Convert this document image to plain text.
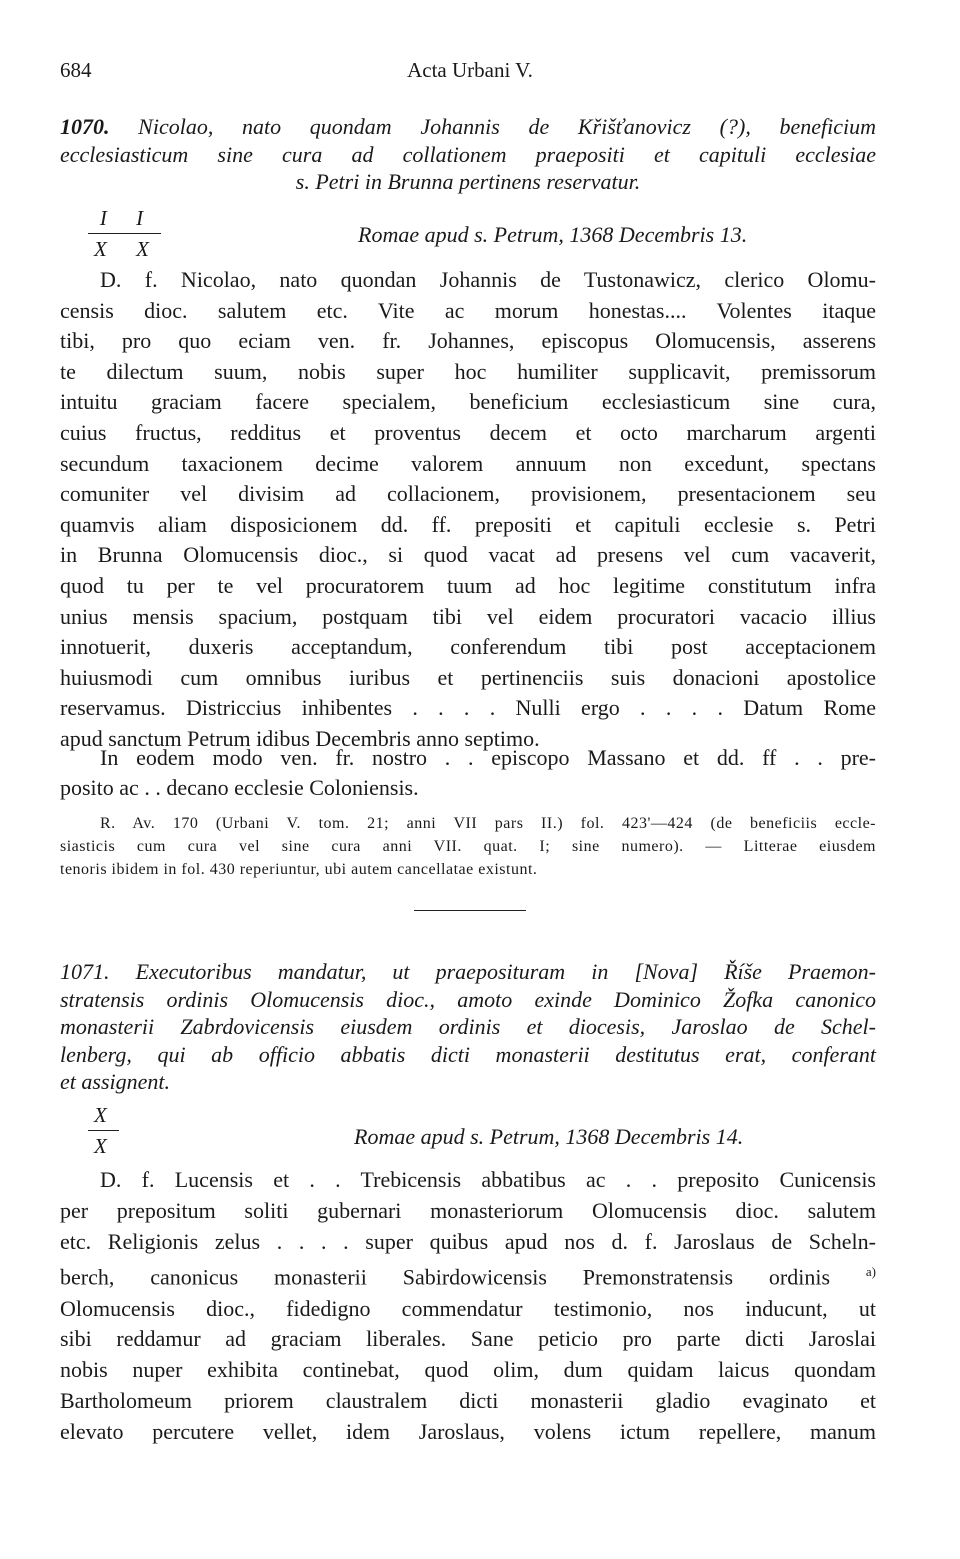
684	Acta Urbani V.
1070. Nicolao, nato quondam Johannis de Křišťanovicz (?), beneficium
ecclesiasticum sine cura ad collationem praepositi et capituli ecclesiae
s. Petri in Brunna pertinens reservatur.
I I
X X
Romae apud s. Petrum, 1368 Decembris 13.

D. f. Nicolao, nato quondan Johannis de Tustonawicz, clerico Olomu-

censis dioc. salutem etc. Vite ac morum honestas.... Volentes itaque

tibi, pro quo eciam ven. fr. Johannes, episcopus Olomucensis, asserens

te dilectum suum, nobis super hoc humiliter supplicavit, premissorum

intuitu graciam facere specialem, beneficium ecclesiasticum sine cura,

cuius fructus, redditus et proventus decem et octo marcharum argenti

secundum taxacionem decime valorem annuum non excedunt, spectans

comuniter vel divisim ad collacionem, provisionem, presentacionem seu

quamvis aliam disposicionem dd. ff. prepositi et capituli ecclesie s. Petri

in Brunna Olomucensis dioc., si quod vacat ad presens vel cum vacaverit,

quod tu per te vel procuratorem tuum ad hoc legitime constitutum infra

unius mensis spacium, postquam tibi vel eidem procuratori vacacio illius

innotuerit, duxeris acceptandum, conferendum tibi post acceptacionem

huiusmodi cum omnibus iuribus et pertinenciis suis donacioni apostolice

reservamus. Districcius inhibentes . . . . Nulli ergo . . . . Datum Rome

apud sanctum Petrum idibus Decembris anno septimo.

In eodem modo ven. fr. nostro . . episcopo Massano et dd. ff . . pre-
posito ac . . decano ecclesie Coloniensis.
R. Av. 170 (Urbani V. tom. 21; anni VII pars II.) fol. 423'—424 (de beneficiis eccle-
siasticis cum cura vel sine cura anni VII. quat. I; sine numero). — Litterae eiusdem
tenoris ibidem in fol. 430 reperiuntur, ubi autem cancellatae existunt.
1071. Executoribus mandatur, ut praeposituram in [Nova] Říše Praemon-
stratensis ordinis Olomucensis dioc., amoto exinde Dominico Žofka canonico
monasterii Zabrdovicensis eiusdem ordinis et diocesis, Jaroslao de Schel-
lenberg, qui ab officio abbatis dicti monasterii destitutus erat, conferant
et assignent.
X
X	Romae apud s. Petrum, 1368 Decembris 14.

D. f. Lucensis et . . Trebicensis abbatibus ac . . preposito Cunicensis

per prepositum soliti gubernari monasteriorum Olomucensis dioc. salutem

etc. Religionis zelus . . . . super quibus apud nos d. f. Jaroslaus de Scheln-

berch, canonicus monasterii Sabirdowicensis Premonstratensis ordinis	$^{a)}$

Olomucensis dioc., fidedigno commendatur testimonio, nos inducunt, ut

sibi reddamur ad graciam liberales. Sane peticio pro parte dicti Jaroslai

nobis nuper exhibita continebat, quod olim, dum quidam laicus quondam

Bartholomeum priorem claustralem dicti monasterii gladio evaginato et

elevato percutere vellet, idem Jaroslaus, volens ictum repellere, manum
